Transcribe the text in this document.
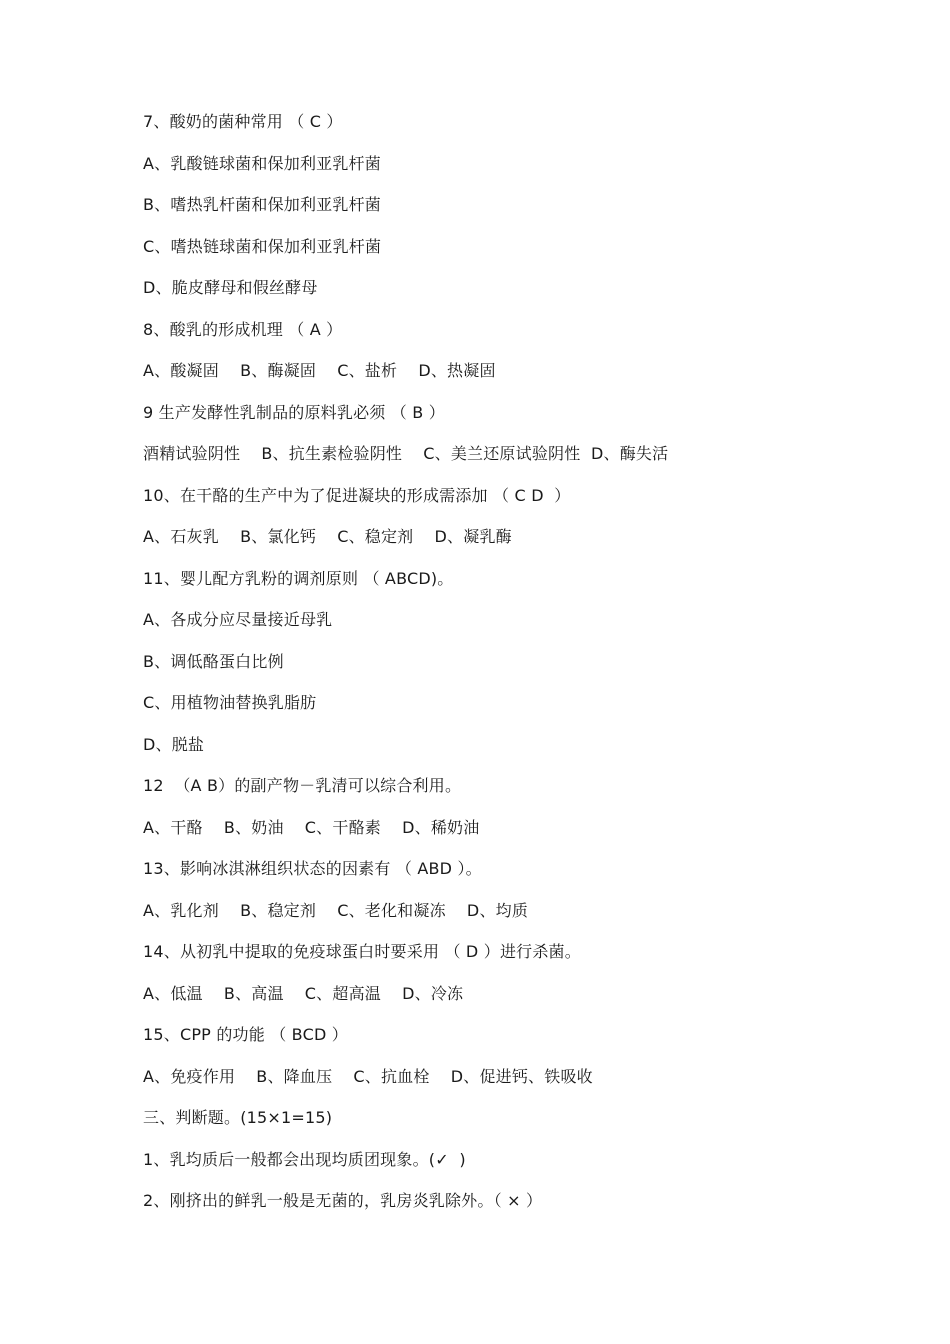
7、酸奶的菌种常用 （ C ）
A、乳酸链球菌和保加利亚乳杆菌
B、嗜热乳杆菌和保加利亚乳杆菌
C、嗜热链球菌和保加利亚乳杆菌
D、脆皮酵母和假丝酵母
8、酸乳的形成机理 （ A ）
A、酸凝固    B、酶凝固    C、盐析    D、热凝固
9 生产发酵性乳制品的原料乳必须 （ B ）
酒精试验阴性    B、抗生素检验阴性    C、美兰还原试验阴性  D、酶失活
10、在干酪的生产中为了促进凝块的形成需添加 （ C D  ）
A、石灰乳    B、氯化钙    C、稳定剂    D、凝乳酶
11、婴儿配方乳粉的调剂原则 （ ABCD)。
A、各成分应尽量接近母乳
B、调低酪蛋白比例
C、用植物油替换乳脂肪
D、脱盐
12  （A B）的副产物－乳清可以综合利用。
A、干酪    B、奶油    C、干酪素    D、稀奶油
13、影响冰淇淋组织状态的因素有 （ ABD ）。
A、乳化剂    B、稳定剂    C、老化和凝冻    D、均质
14、从初乳中提取的免疫球蛋白时要采用 （ D ）进行杀菌。
A、低温    B、高温    C、超高温    D、冷冻
15、CPP 的功能 （ BCD ）
A、免疫作用    B、降血压    C、抗血栓    D、促进钙、铁吸收
三、判断题。(15×1=15)
1、乳均质后一般都会出现均质团现象。(✓  )
2、刚挤出的鲜乳一般是无菌的，乳房炎乳除外。（ × ）
